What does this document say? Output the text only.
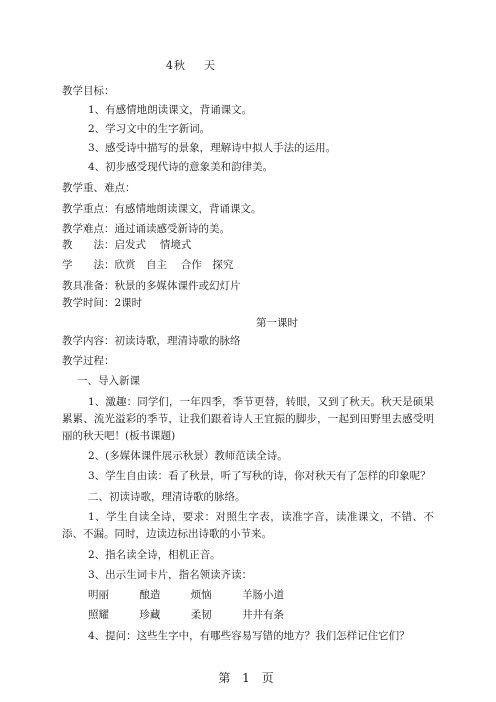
4秋 天
教学目标：
1、有感情地朗读课文，背诵课文。
2、学习文中的生字新词。
3、感受诗中描写的景象，理解诗中拟人手法的运用。
4、初步感受现代诗的意象美和韵律美。
教学重、难点：
教学重点：有感情地朗读课文，背诵课文。
教学难点：通过诵读感受新诗的美。
教　　法：启发式　 情境式
学　　法：欣赏　自主　 合作　探究
教具准备：秋景的多媒体课件或幻灯片
教学时间：2课时
第一课时
教学内容：初读诗歌，理清诗歌的脉络
教学过程：
一、导入新课
1、激趣：同学们，一年四季，季节更替，转眼，又到了秋天。秋天是硕果累累、流光溢彩的季节，让我们跟着诗人王宜振的脚步，一起到田野里去感受明丽的秋天吧！(板书课题)
2、(多媒体课件展示秋景）教师范读全诗。
3、学生自由读：看了秋景，听了写秋的诗，你对秋天有了怎样的印象呢？
二、初读诗歌，理清诗歌的脉络。
1、学生自读全诗，要求：对照生字表，读准字音，读准课文，不错、不添、不漏。同时，边读边标出诗歌的小节来。
2、指名读全诗，相机正音。
3、出示生词卡片，指名领读齐读：
明丽	酿造	烦恼	羊肠小道
照耀	珍藏	柔韧	井井有条
4、提问：这些生字中，有哪些容易写错的地方？我们怎样记住它们？
第 1 页
